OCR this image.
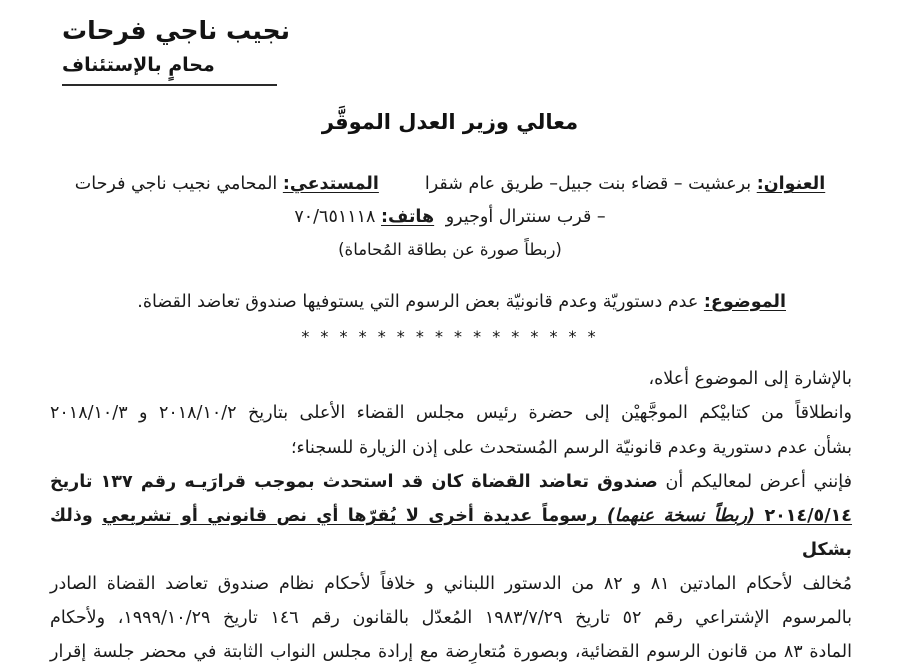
نجيب ناجي فرحات
محامٍ بالإستئناف
معالي وزير العدل الموقَّر
العنوان: برعشيت – قضاء بنت جبيل– طريق عام شقرا
المستدعي: المحامي نجيب ناجي فرحات
– قرب سنترال أوجيرو هاتف: ٧٠/٦٥١١١٨
(ربطاً صورة عن بطاقة المُحاماة)
الموضوع: عدم دستوريّة وعدم قانونيّة بعض الرسوم التي يستوفيها صندوق تعاضد القضاة.
* * * * * * * * * * * * * * * *
بالإشارة إلى الموضوع أعلاه،
وانطلاقاً من كتابيْكم الموجَّهيْن إلى حضرة رئيس مجلس القضاء الأعلى بتاريخ ٢٠١٨/١٠/٢ و ٢٠١٨/١٠/٣
بشأن عدم دستورية وعدم قانونيّة الرسم المُستحدث على إذن الزيارة للسجناء؛
فإنني أعرض لمعاليكم أن صندوق تعاضد القضاة كان قد استحدث بموجب قرارَيـه رقم ١٣٧ تاريخ
٢٠١٤/٥/١٤ (ربطاً نسخة عنهما) رسوماً عديدة أخرى لا يُقرّها أي نص قانوني أو تشريعي وذلك بشكل
مُخالف لأحكام المادتين ٨١ و ٨٢ من الدستور اللبناني و خلافاً لأحكام نظام صندوق تعاضد القضاة الصادر
بالمرسوم الإشتراعي رقم ٥٢ تاريخ ١٩٨٣/٧/٢٩ المُعدّل بالقانون رقم ١٤٦ تاريخ ١٩٩٩/١٠/٢٩، ولأحكام
المادة ٨٣ من قانون الرسوم القضائية، وبصورة مُتعارِضة مع إرادة مجلس النواب الثابتة في محضر جلسة إقرار
